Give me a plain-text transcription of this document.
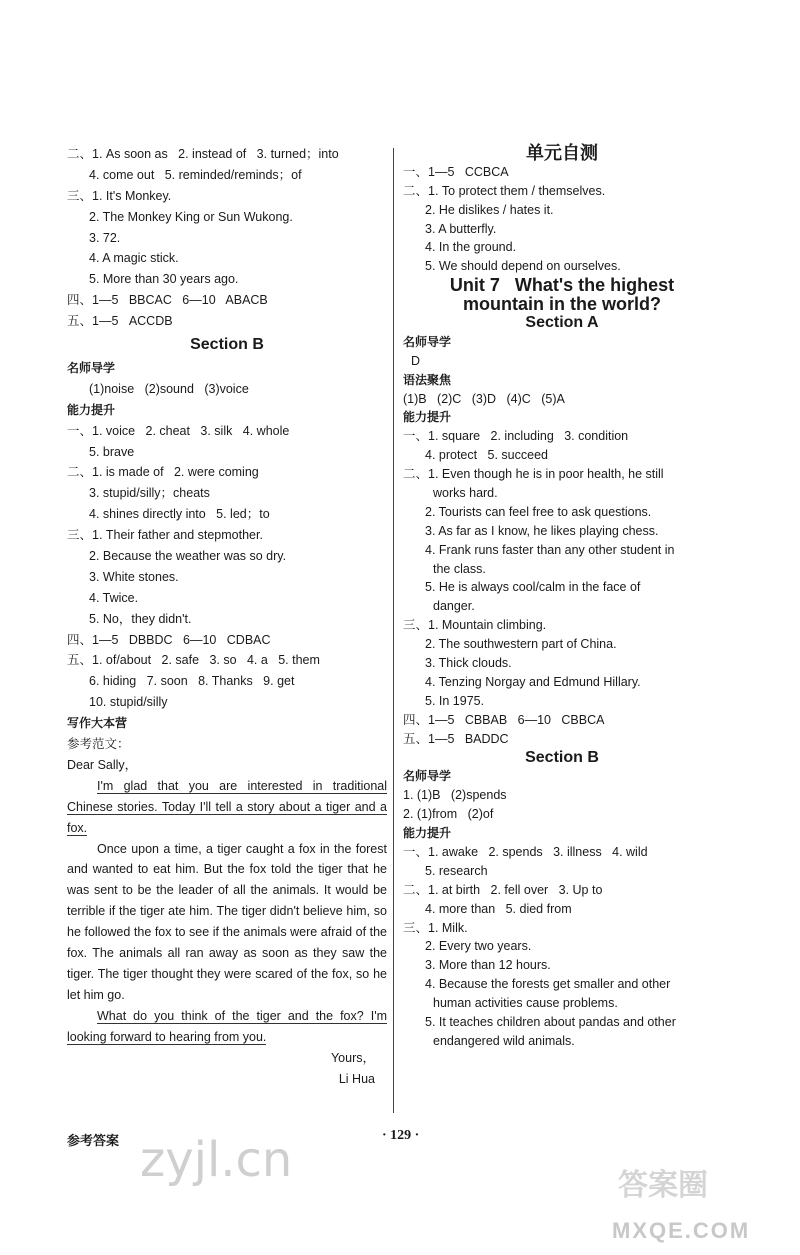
二、1. As soon as   2. instead of   3. turned；into
4. come out   5. reminded/reminds；of
三、1. It's Monkey.
2. The Monkey King or Sun Wukong.
3. 72.
4. A magic stick.
5. More than 30 years ago.
四、1—5   BBCAC   6—10   ABACB
五、1—5   ACCDB
Section B
名师导学
(1)noise   (2)sound   (3)voice
能力提升
一、1. voice   2. cheat   3. silk   4. whole
5. brave
二、1. is made of   2. were coming
3. stupid/silly；cheats
4. shines directly into   5. led；to
三、1. Their father and stepmother.
2. Because the weather was so dry.
3. White stones.
4. Twice.
5. No，they didn't.
四、1—5   DBBDC   6—10   CDBAC
五、1. of/about   2. safe   3. so   4. a   5. them
6. hiding   7. soon   8. Thanks   9. get
10. stupid/silly
写作大本营
参考范文：
Dear Sally，
I'm glad that you are interested in traditional Chinese stories. Today I'll tell a story about a tiger and a fox.
Once upon a time, a tiger caught a fox in the forest and wanted to eat him. But the fox told the tiger that he was sent to be the leader of all the animals. It would be terrible if the tiger ate him. The tiger didn't believe him, so he followed the fox to see if the animals were afraid of the fox. The animals all ran away as soon as they saw the tiger. The tiger thought they were scared of the fox, so he let him go.
What do you think of the tiger and the fox? I'm looking forward to hearing from you.
Yours，
Li Hua
单元自测
一、1—5   CCBCA
二、1. To protect them / themselves.
2. He dislikes / hates it.
3. A butterfly.
4. In the ground.
5. We should depend on ourselves.
Unit 7   What's the highest
mountain in the world?
Section A
名师导学
D
语法聚焦
(1)B   (2)C   (3)D   (4)C   (5)A
能力提升
一、1. square   2. including   3. condition
4. protect   5. succeed
二、1. Even though he is in poor health, he still
works hard.
2. Tourists can feel free to ask questions.
3. As far as I know, he likes playing chess.
4. Frank runs faster than any other student in
the class.
5. He is always cool/calm in the face of
danger.
三、1. Mountain climbing.
2. The southwestern part of China.
3. Thick clouds.
4. Tenzing Norgay and Edmund Hillary.
5. In 1975.
四、1—5   CBBAB   6—10   CBBCA
五、1—5   BADDC
Section B
名师导学
1. (1)B   (2)spends
2. (1)from   (2)of
能力提升
一、1. awake   2. spends   3. illness   4. wild
5. research
二、1. at birth   2. fell over   3. Up to
4. more than   5. died from
三、1. Milk.
2. Every two years.
3. More than 12 hours.
4. Because the forests get smaller and other
human activities cause problems.
5. It teaches children about pandas and other
endangered wild animals.
参考答案	· 129 ·
zyjl.cn	答案圈
MXQE.COM
